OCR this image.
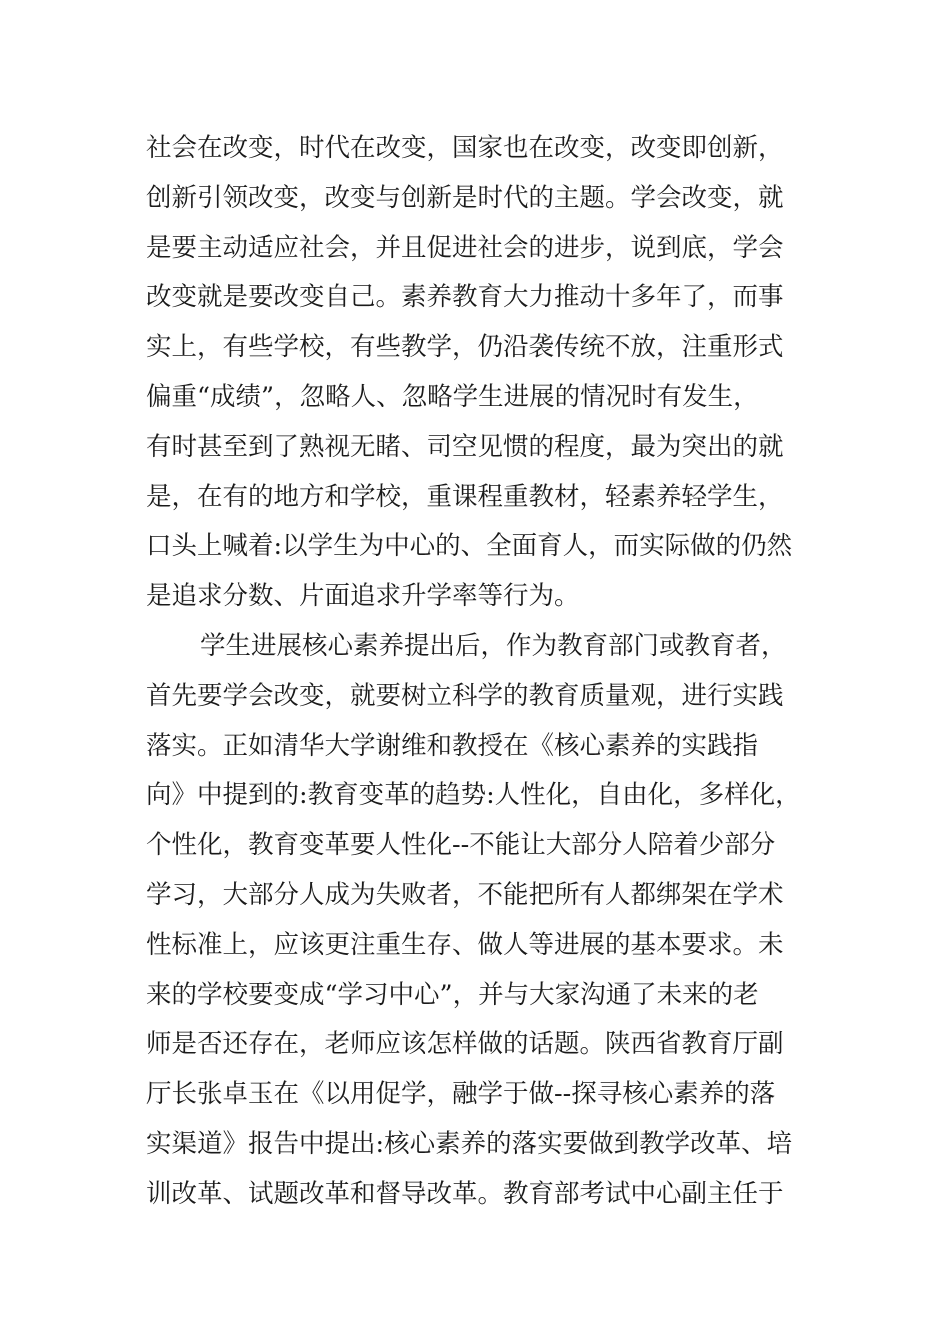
社会在改变，时代在改变，国家也在改变，改变即创新，
创新引领改变，改变与创新是时代的主题。学会改变，就
是要主动适应社会，并且促进社会的进步，说到底，学会
改变就是要改变自己。素养教育大力推动十多年了，而事
实上，有些学校，有些教学，仍沿袭传统不放，注重形式
偏重“成绩”，忽略人、忽略学生进展的情况时有发生，
有时甚至到了熟视无睹、司空见惯的程度，最为突出的就
是，在有的地方和学校，重课程重教材，轻素养轻学生，
口头上喊着:以学生为中心的、全面育人，而实际做的仍然
是追求分数、片面追求升学率等行为。
学生进展核心素养提出后，作为教育部门或教育者，
首先要学会改变，就要树立科学的教育质量观，进行实践
落实。正如清华大学谢维和教授在《核心素养的实践指
向》中提到的:教育变革的趋势:人性化，自由化，多样化，
个性化，教育变革要人性化--不能让大部分人陪着少部分
学习，大部分人成为失败者，不能把所有人都绑架在学术
性标准上，应该更注重生存、做人等进展的基本要求。未
来的学校要变成“学习中心”，并与大家沟通了未来的老
师是否还存在，老师应该怎样做的话题。陕西省教育厅副
厅长张卓玉在《以用促学，融学于做--探寻核心素养的落
实渠道》报告中提出:核心素养的落实要做到教学改革、培
训改革、试题改革和督导改革。教育部考试中心副主任于
